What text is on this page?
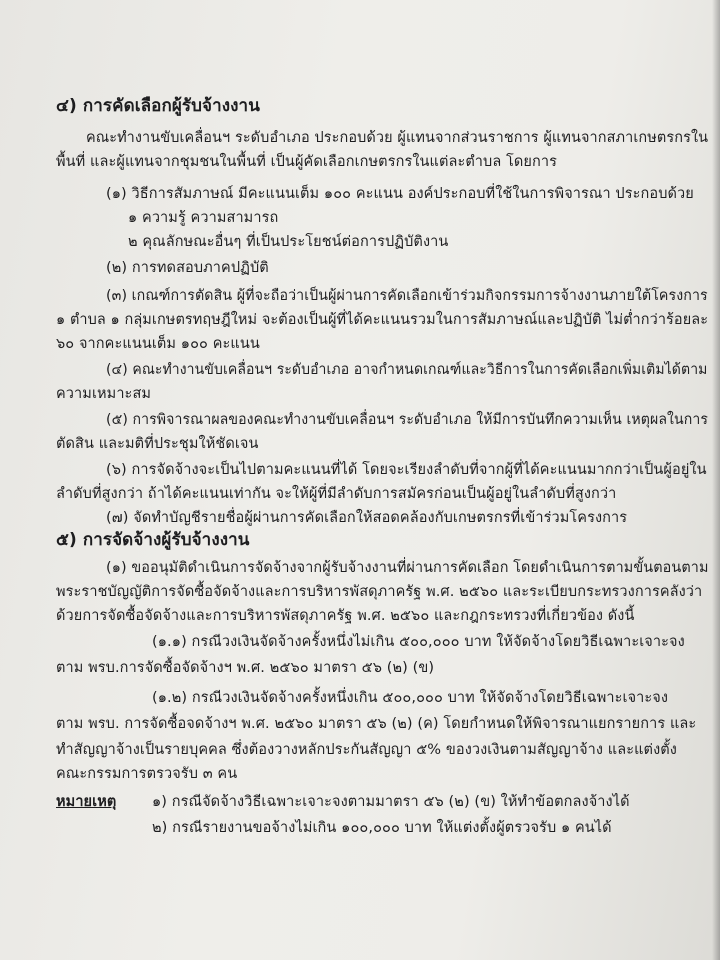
๔) การคัดเลือกผู้รับจ้างงาน
คณะทำงานขับเคลื่อนฯ ระดับอำเภอ ประกอบด้วย ผู้แทนจากส่วนราชการ ผู้แทนจากสภาเกษตรกรใน
พื้นที่ และผู้แทนจากชุมชนในพื้นที่ เป็นผู้คัดเลือกเกษตรกรในแต่ละตำบล โดยการ
(๑) วิธีการสัมภาษณ์ มีคะแนนเต็ม ๑๐๐ คะแนน องค์ประกอบที่ใช้ในการพิจารณา ประกอบด้วย
๑ ความรู้ ความสามารถ
๒ คุณลักษณะอื่นๆ ที่เป็นประโยชน์ต่อการปฏิบัติงาน
(๒) การทดสอบภาคปฏิบัติ
(๓) เกณฑ์การตัดสิน ผู้ที่จะถือว่าเป็นผู้ผ่านการคัดเลือกเข้าร่วมกิจกรรมการจ้างงานภายใต้โครงการ
๑ ตำบล ๑ กลุ่มเกษตรทฤษฎีใหม่ จะต้องเป็นผู้ที่ได้คะแนนรวมในการสัมภาษณ์และปฏิบัติ ไม่ต่ำกว่าร้อยละ
๖๐ จากคะแนนเต็ม ๑๐๐ คะแนน
(๔) คณะทำงานขับเคลื่อนฯ ระดับอำเภอ อาจกำหนดเกณฑ์และวิธีการในการคัดเลือกเพิ่มเติมได้ตาม
ความเหมาะสม
(๕) การพิจารณาผลของคณะทำงานขับเคลื่อนฯ ระดับอำเภอ ให้มีการบันทึกความเห็น เหตุผลในการ
ตัดสิน และมติที่ประชุมให้ชัดเจน
(๖) การจัดจ้างจะเป็นไปตามคะแนนที่ได้ โดยจะเรียงลำดับที่จากผู้ที่ได้คะแนนมากกว่าเป็นผู้อยู่ใน
ลำดับที่สูงกว่า ถ้าได้คะแนนเท่ากัน จะให้ผู้ที่มีลำดับการสมัครก่อนเป็นผู้อยู่ในลำดับที่สูงกว่า
(๗) จัดทำบัญชีรายชื่อผู้ผ่านการคัดเลือกให้สอดคล้องกับเกษตรกรที่เข้าร่วมโครงการ
๕) การจัดจ้างผู้รับจ้างงาน
(๑) ขออนุมัติดำเนินการจัดจ้างจากผู้รับจ้างงานที่ผ่านการคัดเลือก โดยดำเนินการตามขั้นตอนตาม
พระราชบัญญัติการจัดซื้อจัดจ้างและการบริหารพัสดุภาครัฐ พ.ศ. ๒๕๖๐ และระเบียบกระทรวงการคลังว่า
ด้วยการจัดซื้อจัดจ้างและการบริหารพัสดุภาครัฐ พ.ศ. ๒๕๖๐ และกฎกระทรวงที่เกี่ยวข้อง ดังนี้
(๑.๑) กรณีวงเงินจัดจ้างครั้งหนึ่งไม่เกิน ๕๐๐,๐๐๐ บาท ให้จัดจ้างโดยวิธีเฉพาะเจาะจง
ตาม พรบ.การจัดซื้อจัดจ้างฯ พ.ศ. ๒๕๖๐ มาตรา ๕๖ (๒) (ข)
(๑.๒) กรณีวงเงินจัดจ้างครั้งหนึ่งเกิน ๕๐๐,๐๐๐ บาท ให้จัดจ้างโดยวิธีเฉพาะเจาะจง
ตาม พรบ. การจัดซื้อจดจ้างฯ พ.ศ. ๒๕๖๐ มาตรา ๕๖ (๒) (ค) โดยกำหนดให้พิจารณาแยกรายการ และ
ทำสัญญาจ้างเป็นรายบุคคล ซึ่งต้องวางหลักประกันสัญญา ๕% ของวงเงินตามสัญญาจ้าง และแต่งตั้ง
คณะกรรมการตรวจรับ ๓ คน
หมายเหตุ ๑) กรณีจัดจ้างวิธีเฉพาะเจาะจงตามมาตรา ๕๖ (๒) (ข) ให้ทำข้อตกลงจ้างได้
๒) กรณีรายงานขอจ้างไม่เกิน ๑๐๐,๐๐๐ บาท ให้แต่งตั้งผู้ตรวจรับ ๑ คนได้
